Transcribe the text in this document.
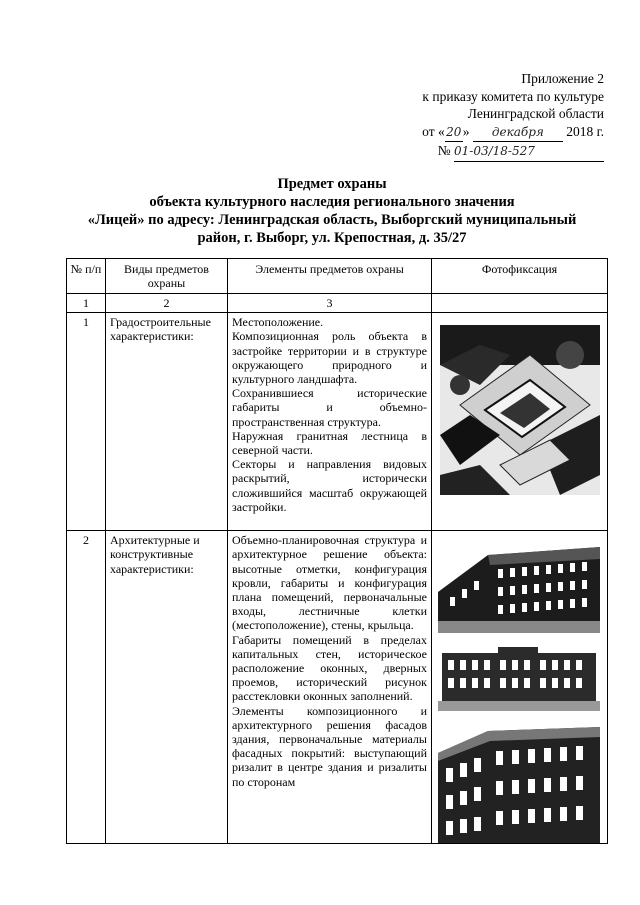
Приложение 2
к приказу комитета по культуре
Ленинградской области
от «20» декабря 2018 г.
№ 01-03/18-527
Предмет охраны
объекта культурного наследия регионального значения
«Лицей» по адресу: Ленинградская область, Выборгский муниципальный
район, г. Выборг, ул. Крепостная, д. 35/27
№ п/п	Виды предметов охраны	Элементы предметов охраны	Фотофиксация
1	2	3	
1	Градостроительные характеристики:	Местоположение.
Композиционная роль объекта в застройке территории и в структуре окружающего природного и культурного ландшафта.
Сохранившиеся исторические габариты и объемно-пространственная структура.
Наружная гранитная лестница в северной части.
Секторы и направления видовых раскрытий, исторически сложившийся масштаб окружающей застройки.

2	Архитектурные и конструктивные характеристики:	Объемно-планировочная структура и архитектурное решение объекта: высотные отметки, конфигурация кровли, габариты и конфигурация плана помещений, первоначальные входы, лестничные клетки (местоположение), стены, крыльца.
Габариты помещений в пределах капитальных стен, историческое расположение оконных, дверных проемов, исторический рисунок расстекловки оконных заполнений.
Элементы композиционного и архитектурного решения фасадов здания, первоначальные материалы фасадных покрытий: выступающий ризалит в центре здания и ризалиты по сторонам
